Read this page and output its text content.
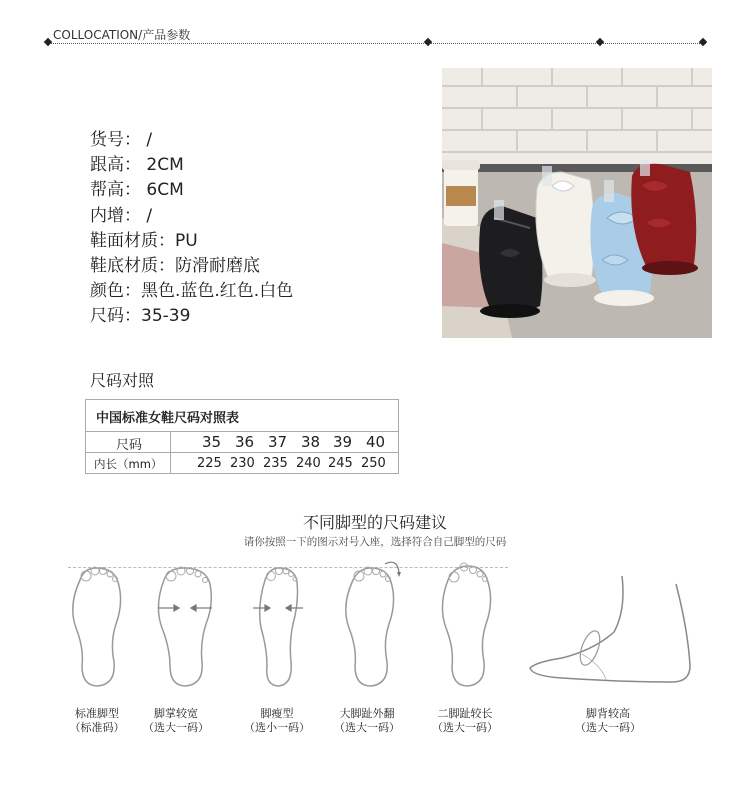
COLLOCATION/产品参数
货号： /
跟高： 2CM
帮高： 6CM
内增： /
鞋面材质：PU
鞋底材质：防滑耐磨底
颜色：黑色.蓝色.红色.白色
尺码：35-39
尺码对照
中国标准女鞋尺码对照表
尺码
内长（mm）
35 36 37 38 39 40
225 230 235 240 245 250
不同脚型的尺码建议
请你按照一下的图示对号入座，选择符合自己脚型的尺码
标准脚型
（标准码）
脚掌较宽
（选大一码）
脚瘦型
（选小一码）
大脚趾外翻
（选大一码）
二脚趾较长
（选大一码）
脚背较高
（选大一码）
